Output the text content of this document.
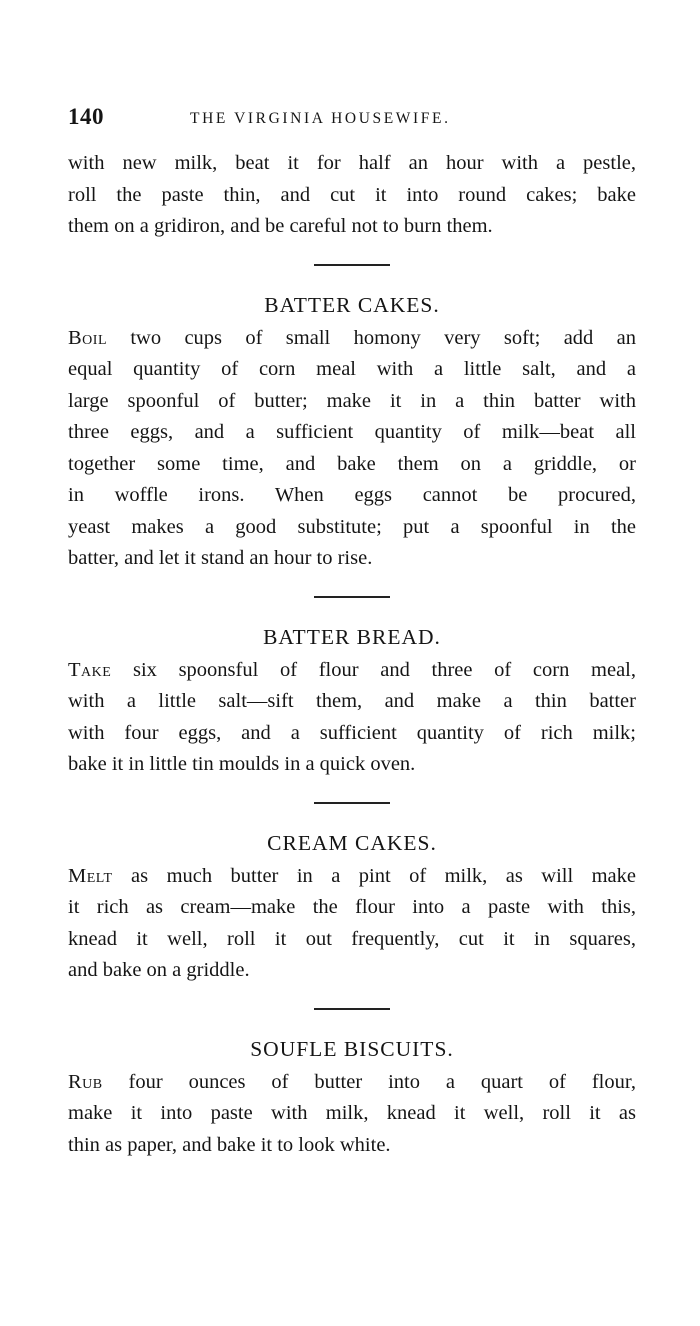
140	THE VIRGINIA HOUSEWIFE.

with new milk, beat it for half an hour with a pestle,
roll the paste thin, and cut it into round cakes; bake
them on a gridiron, and be careful not to burn them.

BATTER CAKES.

Boil two cups of small homony very soft; add an
equal quantity of corn meal with a little salt, and a
large spoonful of butter; make it in a thin batter with
three eggs, and a sufficient quantity of milk—beat all
together some time, and bake them on a griddle, or
in woffle irons. When eggs cannot be procured,
yeast makes a good substitute; put a spoonful in the
batter, and let it stand an hour to rise.

BATTER BREAD.

Take six spoonsful of flour and three of corn meal,
with a little salt—sift them, and make a thin batter
with four eggs, and a sufficient quantity of rich milk;
bake it in little tin moulds in a quick oven.

CREAM CAKES.

Melt as much butter in a pint of milk, as will make
it rich as cream—make the flour into a paste with this,
knead it well, roll it out frequently, cut it in squares,
and bake on a griddle.

SOUFLE BISCUITS.

Rub four ounces of butter into a quart of flour,
make it into paste with milk, knead it well, roll it as
thin as paper, and bake it to look white.
